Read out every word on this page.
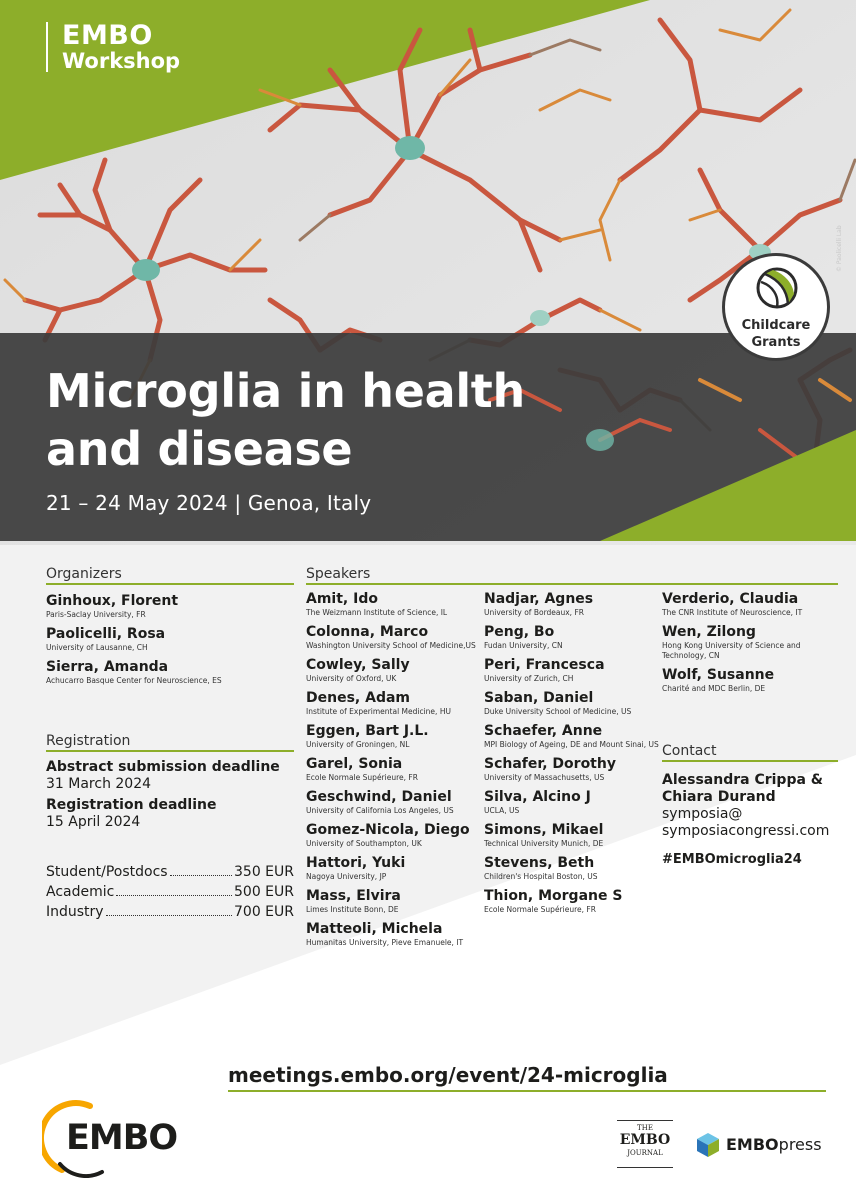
EMBO
Workshop
Childcare
Grants
© Paolicelli Lab
Microglia in health
and disease
21 – 24 May 2024 | Genoa, Italy
Organizers
Ginhoux, Florent
Paris-Saclay University, FR
Paolicelli, Rosa
University of Lausanne, CH
Sierra, Amanda
Achucarro Basque Center for Neuroscience, ES
Registration
Abstract submission deadline
31 March 2024
Registration deadline
15 April 2024
Student/Postdocs	350 EUR
Academic	500 EUR
Industry	700 EUR
Speakers
Amit, Ido
The Weizmann Institute of Science, IL
Colonna, Marco
Washington University School of Medicine,US
Cowley, Sally
University of Oxford, UK
Denes, Adam
Institute of Experimental Medicine, HU
Eggen, Bart J.L.
University of Groningen, NL
Garel, Sonia
Ecole Normale Supérieure, FR
Geschwind, Daniel
University of California Los Angeles, US
Gomez-Nicola, Diego
University of Southampton, UK
Hattori, Yuki
Nagoya University, JP
Mass, Elvira
Limes Institute Bonn, DE
Matteoli, Michela
Humanitas University, Pieve Emanuele, IT
Nadjar, Agnes
University of Bordeaux, FR
Peng, Bo
Fudan University, CN
Peri, Francesca
University of Zurich, CH
Saban, Daniel
Duke University School of Medicine, US
Schaefer, Anne
MPI Biology of Ageing, DE and Mount Sinai, US
Schafer, Dorothy
University of Massachusetts, US
Silva, Alcino J
UCLA, US
Simons, Mikael
Technical University Munich, DE
Stevens, Beth
Children's Hospital Boston, US
Thion, Morgane S
Ecole Normale Supérieure, FR
Verderio, Claudia
The CNR Institute of Neuroscience, IT
Wen, Zilong
Hong Kong University of Science and Technology, CN
Wolf, Susanne
Charité and MDC Berlin, DE
Contact
Alessandra Crippa &
Chiara Durand
symposia@
symposiacongressi.com
#EMBOmicroglia24
meetings.embo.org/event/24-microglia
EMBO	THE
EMBO
JOURNAL	EMBOpress
